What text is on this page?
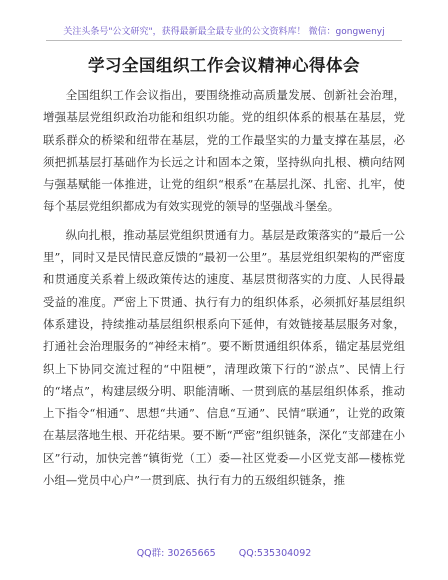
关注头条号"公文研究"，获得最新最全最专业的公文资料库！ 微信：gongwenyj
学习全国组织工作会议精神心得体会

全国组织工作会议指出，要围绕推动高质量发展、创新社会治理，增强基层党组织政治功能和组织功能。党的组织体系的根基在基层，党联系群众的桥梁和纽带在基层，党的工作最坚实的力量支撑在基层，必须把抓基层打基础作为长远之计和固本之策，坚持纵向扎根、横向结网与强基赋能一体推进，让党的组织“根系”在基层扎深、扎密、扎牢，使每个基层党组织都成为有效实现党的领导的坚强战斗堡垒。

纵向扎根，推动基层党组织贯通有力。基层是政策落实的“最后一公里”，同时又是民情民意反馈的“最初一公里”。基层党组织架构的严密度和贯通度关系着上级政策传达的速度、基层贯彻落实的力度、人民得最受益的准度。严密上下贯通、执行有力的组织体系，必须抓好基层组织体系建设，持续推动基层组织根系向下延伸，有效链接基层服务对象，打通社会治理服务的“神经末梢”。要不断贯通组织体系，锚定基层党组织上下协同交流过程的“中阻梗”，清理政策下行的“淤点”、民情上行的“堵点”，构建层级分明、职能清晰、一贯到底的基层组织体系，推动上下指令“相通”、思想“共通”、信息“互通”、民情“联通”，让党的政策在基层落地生根、开花结果。要不断“严密”组织链条，深化“支部建在小区”行动，加快完善“镇街党（工）委—社区党委—小区党支部—楼栋党小组—党员中心户”一贯到底、执行有力的五级组织链条，推

QQ群: 30265665 QQ:535304092
